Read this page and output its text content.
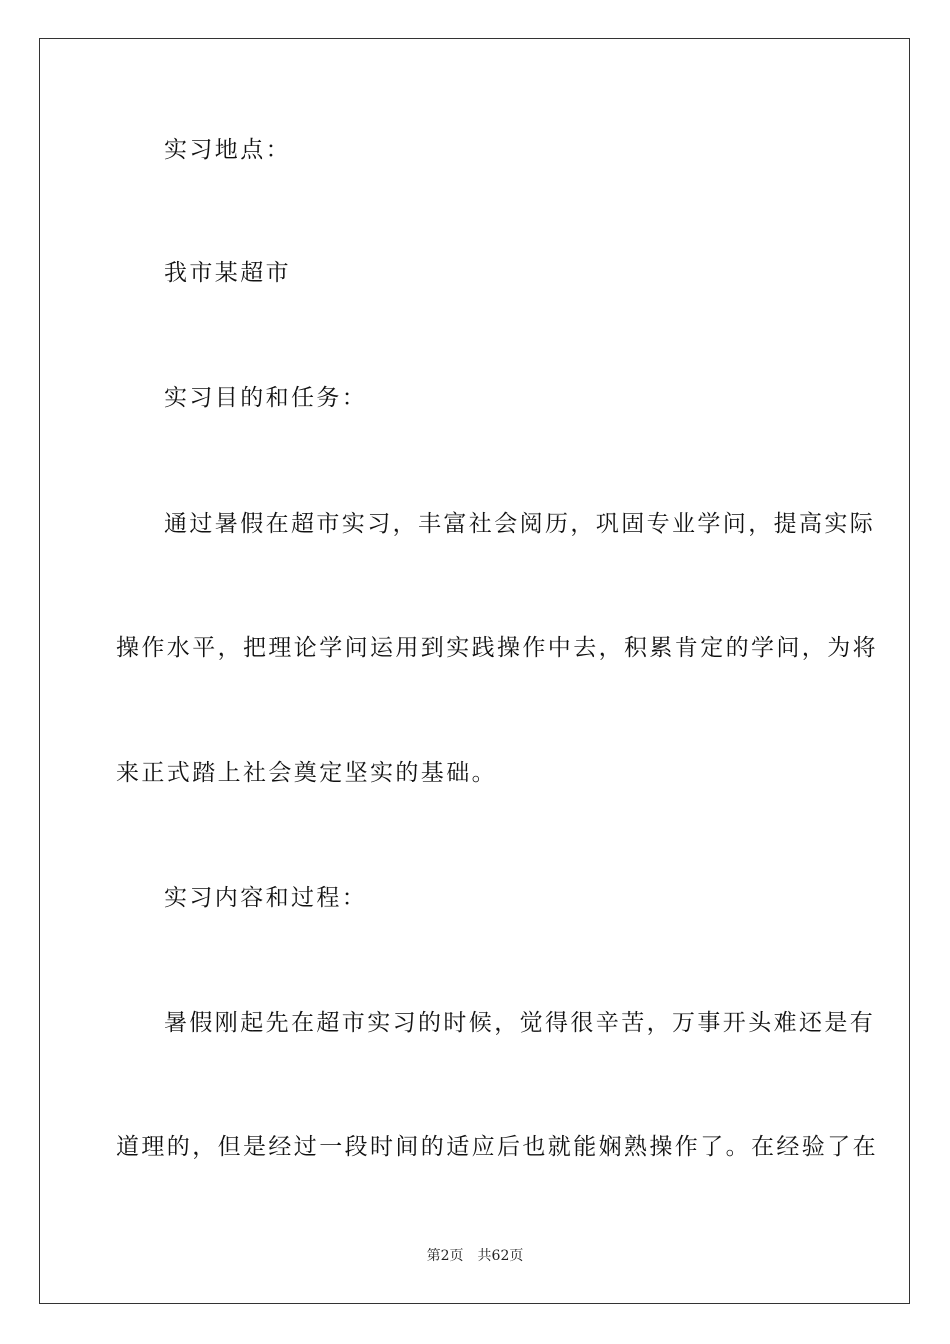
实习地点：
我市某超市
实习目的和任务：
通过暑假在超市实习，丰富社会阅历，巩固专业学问，提高实际
操作水平，把理论学问运用到实践操作中去，积累肯定的学问，为将
来正式踏上社会奠定坚实的基础。
实习内容和过程：
暑假刚起先在超市实习的时候，觉得很辛苦，万事开头难还是有
道理的，但是经过一段时间的适应后也就能娴熟操作了。在经验了在
第2页 共62页
